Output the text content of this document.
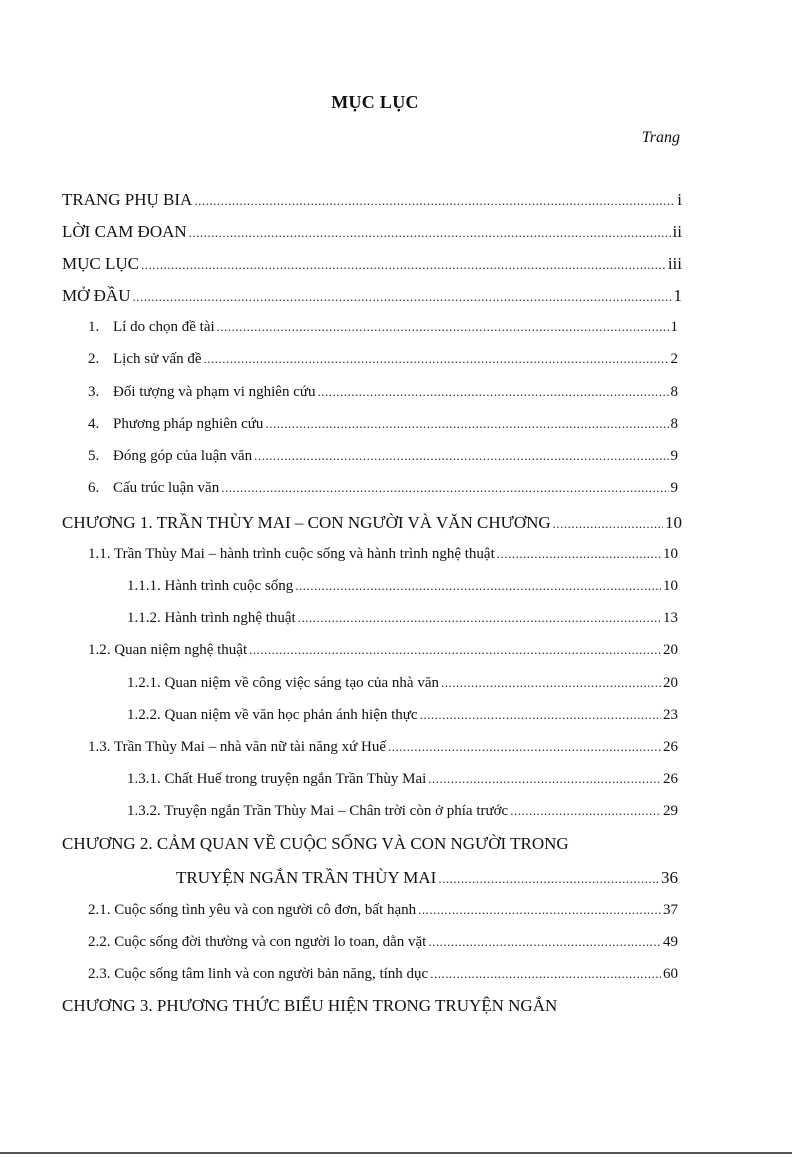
MỤC LỤC
Trang
TRANG PHỤ BIA .....	i
LỜI CAM ĐOAN .....	ii
MỤC LỤC .....	iii
MỞ ĐẦU .....	1
1. Lí do chọn đề tài .....	1
2. Lịch sử vấn đề .....	2
3. Đối tượng và phạm vi nghiên cứu .....	8
4. Phương pháp nghiên cứu .....	8
5. Đóng góp của luận văn .....	9
6. Cấu trúc luận văn .....	9
CHƯƠNG 1. TRẦN THÙY MAI – CON NGƯỜI VÀ VĂN CHƯƠNG .....	10
1.1. Trần Thùy Mai – hành trình cuộc sống và hành trình nghệ thuật .....	10
1.1.1. Hành trình cuộc sống .....	10
1.1.2. Hành trình nghệ thuật .....	13
1.2. Quan niệm nghệ thuật .....	20
1.2.1. Quan niệm về công việc sáng tạo của nhà văn .....	20
1.2.2. Quan niệm về văn học phản ánh hiện thực .....	23
1.3. Trần Thùy Mai – nhà văn nữ tài năng xứ Huế .....	26
1.3.1. Chất Huế trong truyện ngắn Trần Thùy Mai .....	26
1.3.2. Truyện ngắn Trần Thùy Mai – Chân trời còn ở phía trước .....	29
CHƯƠNG 2. CẢM QUAN VỀ CUỘC SỐNG VÀ CON NGƯỜI TRONG
TRUYỆN NGẮN TRẦN THÙY MAI .....	36
2.1. Cuộc sống tình yêu và con người cô đơn, bất hạnh .....	37
2.2. Cuộc sống đời thường và con người lo toan, dằn vặt .....	49
2.3. Cuộc sống tâm linh và con người bản năng, tính dục .....	60
CHƯƠNG 3. PHƯƠNG THỨC BIỂU HIỆN TRONG TRUYỆN NGẮN
